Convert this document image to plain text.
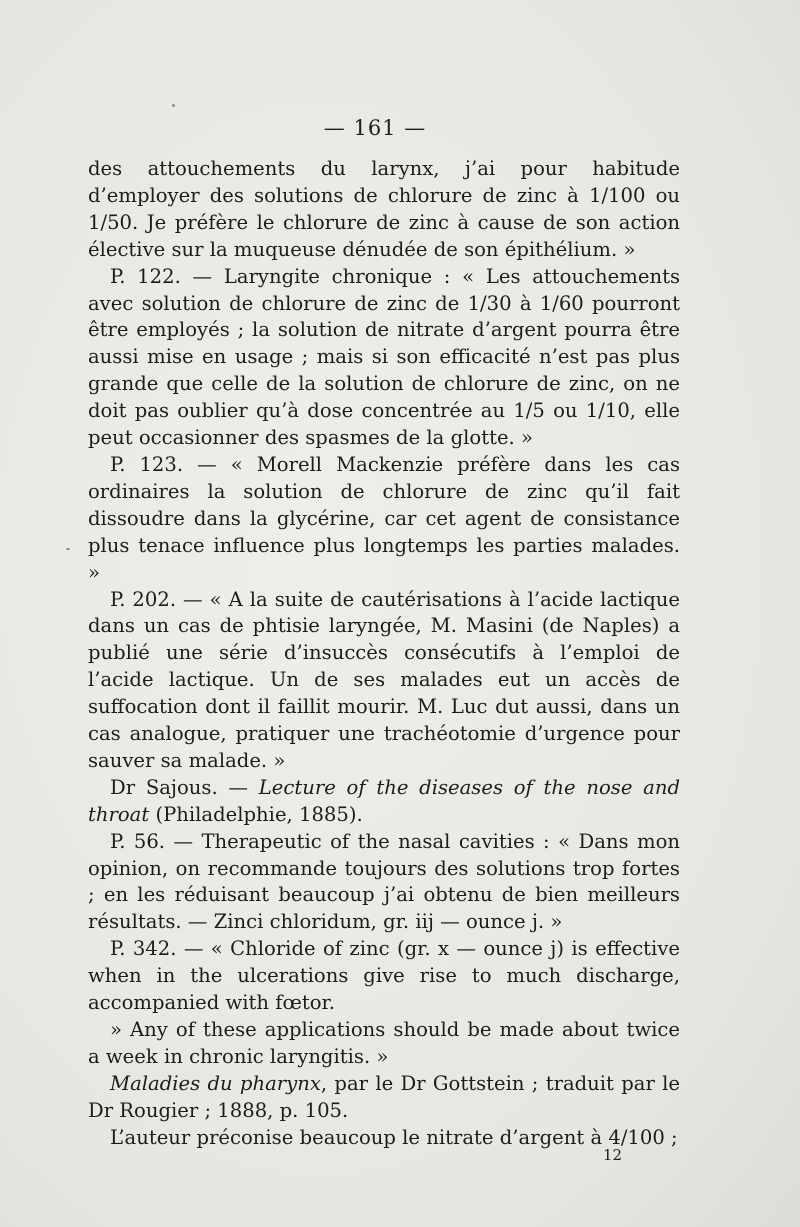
— 161 —

des attouchements du larynx, j’ai pour habitude d’employer des solutions de chlorure de zinc à 1/100 ou 1/50. Je préfère le chlorure de zinc à cause de son action élective sur la muqueuse dénudée de son épithélium. »

P. 122. — Laryngite chronique : « Les attouchements avec solution de chlorure de zinc de 1/30 à 1/60 pourront être employés ; la solution de nitrate d’argent pourra être aussi mise en usage ; mais si son efficacité n’est pas plus grande que celle de la solution de chlorure de zinc, on ne doit pas oublier qu’à dose concentrée au 1/5 ou 1/10, elle peut occasionner des spasmes de la glotte. »

P. 123. — « Morell Mackenzie préfère dans les cas ordinaires la solution de chlorure de zinc qu’il fait dissoudre dans la glycérine, car cet agent de consistance plus tenace influence plus longtemps les parties malades. »

P. 202. — « A la suite de cautérisations à l’acide lactique dans un cas de phtisie laryngée, M. Masini (de Naples) a publié une série d’insuccès consécutifs à l’emploi de l’acide lactique. Un de ses malades eut un accès de suffocation dont il faillit mourir. M. Luc dut aussi, dans un cas analogue, pratiquer une trachéotomie d’urgence pour sauver sa malade. »

Dr Sajous. — Lecture of the diseases of the nose and throat (Philadelphie, 1885).

P. 56. — Therapeutic of the nasal cavities : « Dans mon opinion, on recommande toujours des solutions trop fortes ; en les réduisant beaucoup j’ai obtenu de bien meilleurs résultats. — Zinci chloridum, gr. iij — ounce j. »

P. 342. — « Chloride of zinc (gr. x — ounce j) is effective when in the ulcerations give rise to much discharge, accompanied with fœtor.

» Any of these applications should be made about twice a week in chronic laryngitis. »

Maladies du pharynx, par le Dr Gottstein ; traduit par le Dr Rougier ; 1888, p. 105.

L’auteur préconise beaucoup le nitrate d’argent à 4/100 ;

12
